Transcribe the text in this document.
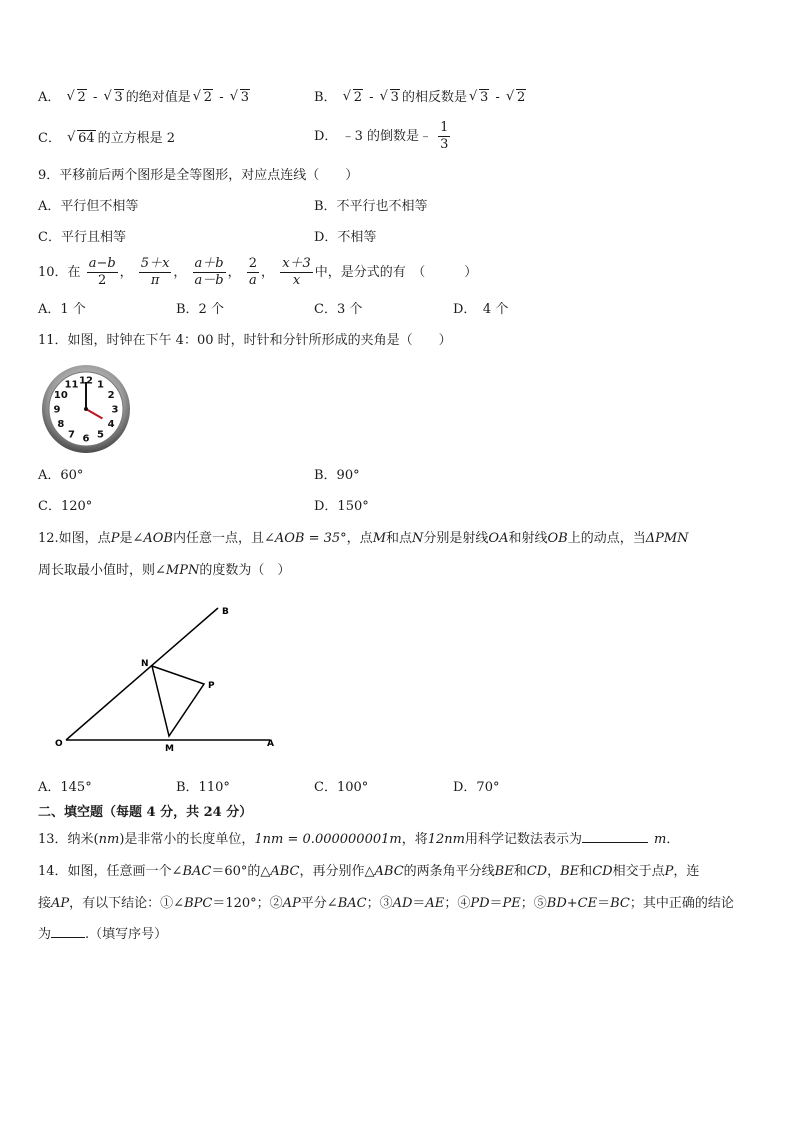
A． √ 2 - √ 3 的绝对值是 √ 2 - √ 3	B． √ 2 - √ 3 的相反数是 √ 3 - √ 2
C． √ 64 的立方根是 2	D． ﹣3 的倒数是﹣ $\frac{1}{3}$
9．平移前后两个图形是全等图形，对应点连线（　　）
A．平行但不相等	B．不平行也不相等
C．平行且相等	D．不相等
10．在 $\frac{a-b}{2}$ ， $\frac{5+x}{\pi}$ ， $\frac{a+b}{a-b}$ ， $\frac{2}{a}$ ， $\frac{x+3}{x}$ 中，是分式的有　（　　　）
A．1 个	B．2 个	C．3 个	D．　4 个
11．如图，时钟在下午 4：00 时，时针和分针所形成的夹角是（　　）
12 1
2
3
4
5
6
7
8
9
10
11
A．60°	B．90°
C．120°	D．150°
12.如图，点P是∠AOB内任意一点，且∠AOB = 35°，点M和点N分别是射线OA和射线OB上的动点，当ΔPMN
周长取最小值时，则∠MPN的度数为（　）
B
N
P
O	M	A
A．145°	B．110°	C．100°	D．70°
二、填空题（每题 4 分，共 24 分）
13．纳米(nm)是非常小的长度单位，1nm = 0.000000001m，将12nm用科学记数法表示为	m．
14．如图，任意画一个∠BAC＝60°的△ABC，再分别作△ABC的两条角平分线BE和CD，BE和CD相交于点P，连
接AP，有以下结论：①∠BPC＝120°；②AP平分∠BAC；③AD＝AE；④PD＝PE；⑤BD+CE＝BC；其中正确的结论
为	.（填写序号）
